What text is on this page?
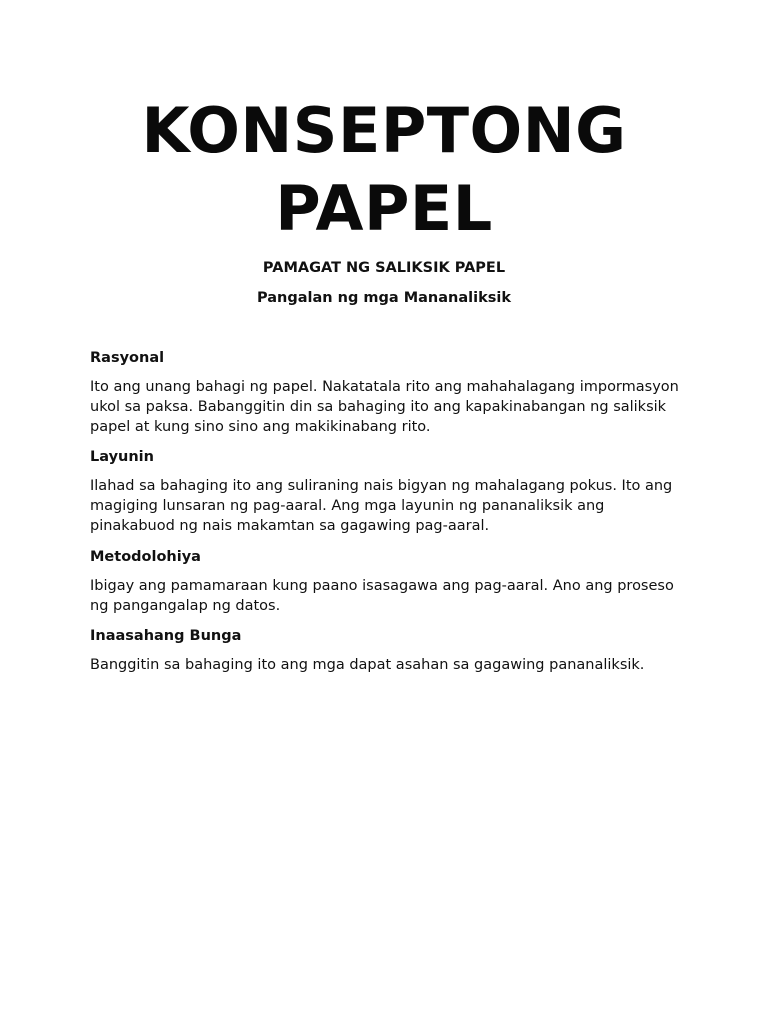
KONSEPTONG
PAPEL

PAMAGAT NG SALIKSIK PAPEL

Pangalan ng mga Mananaliksik

Rasyonal

Ito ang unang bahagi ng papel. Nakatatala rito ang mahahalagang impormasyon ukol sa paksa. Babanggitin din sa bahaging ito ang kapakinabangan ng saliksik papel at kung sino sino ang makikinabang rito.

Layunin

Ilahad sa bahaging ito ang suliraning nais bigyan ng mahalagang pokus. Ito ang magiging lunsaran ng pag-aaral. Ang mga layunin ng pananaliksik ang pinakabuod ng nais makamtan sa gagawing pag-aaral.

Metodolohiya

Ibigay ang pamamaraan kung paano isasagawa ang pag-aaral. Ano ang proseso ng pangangalap ng datos.

Inaasahang Bunga

Banggitin sa bahaging ito ang mga dapat asahan sa gagawing pananaliksik.
